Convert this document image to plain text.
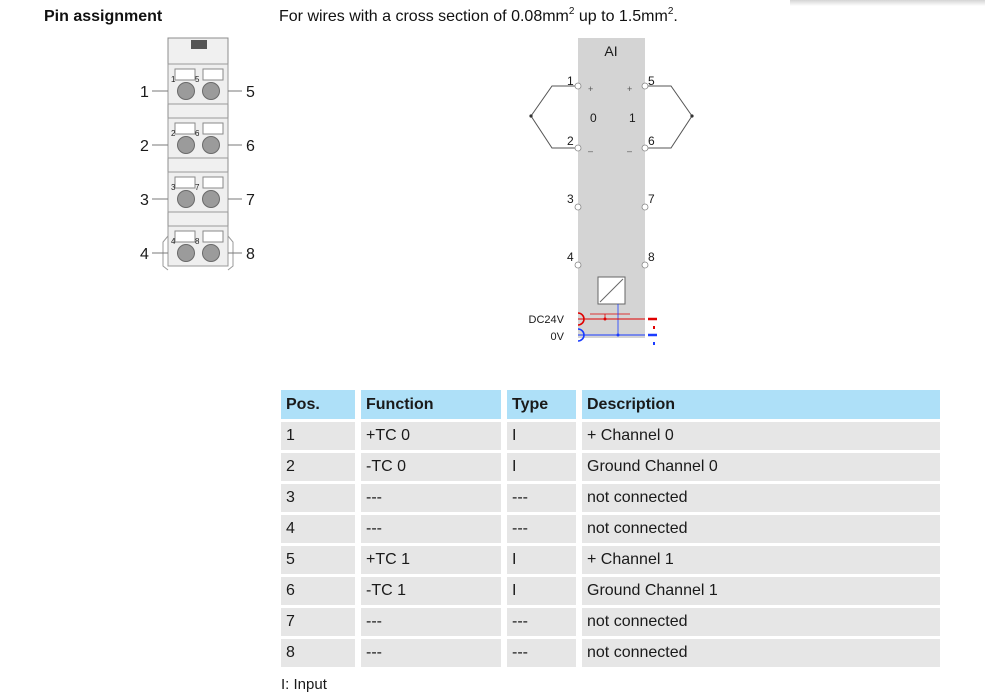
Pin assignment	For wires with a cross section of $0.08mm^2$ up to $1.5mm^2$.
1 5
2 6
3 7
4 8
1
2
3
4
5
6
7
8
AI
1
2
3
4
5
6
7
8
+	+
–	–
0	1
DC24V
0V
Pos.	Function	Type	Description
1	+TC 0	I	+ Channel 0
2	-TC 0	I	Ground Channel 0
3	---	---	not connected
4	---	---	not connected
5	+TC 1	I	+ Channel 1
6	-TC 1	I	Ground Channel 1
7	---	---	not connected
8	---	---	not connected
I: Input
